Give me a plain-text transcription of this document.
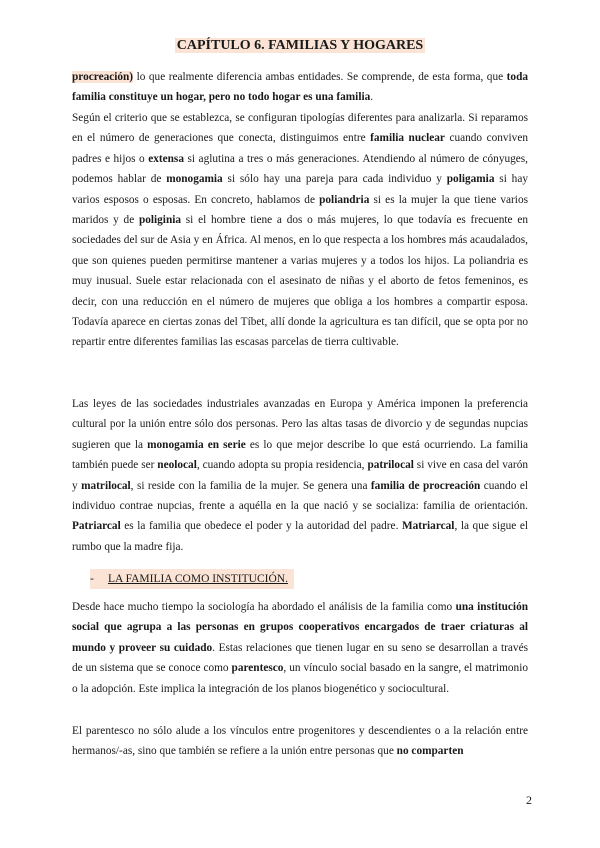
CAPÍTULO 6. FAMILIAS Y HOGARES

procreación) lo que realmente diferencia ambas entidades. Se comprende, de esta forma, que toda familia constituye un hogar, pero no todo hogar es una familia.

Según el criterio que se establezca, se configuran tipologías diferentes para analizarla. Si reparamos en el número de generaciones que conecta, distinguimos entre familia nuclear cuando conviven padres e hijos o extensa si aglutina a tres o más generaciones. Atendiendo al número de cónyuges, podemos hablar de monogamia si sólo hay una pareja para cada individuo y poligamia si hay varios esposos o esposas. En concreto, hablamos de poliandria si es la mujer la que tiene varios maridos y de poliginia si el hombre tiene a dos o más mujeres, lo que todavía es frecuente en sociedades del sur de Asia y en África. Al menos, en lo que respecta a los hombres más acaudalados, que son quienes pueden permitirse mantener a varias mujeres y a todos los hijos. La poliandria es muy inusual. Suele estar relacionada con el asesinato de niñas y el aborto de fetos femeninos, es decir, con una reducción en el número de mujeres que obliga a los hombres a compartir esposa. Todavía aparece en ciertas zonas del Tíbet, allí donde la agricultura es tan difícil, que se opta por no repartir entre diferentes familias las escasas parcelas de tierra cultivable.

Las leyes de las sociedades industriales avanzadas en Europa y América imponen la preferencia cultural por la unión entre sólo dos personas. Pero las altas tasas de divorcio y de segundas nupcias sugieren que la monogamia en serie es lo que mejor describe lo que está ocurriendo. La familia también puede ser neolocal, cuando adopta su propia residencia, patrilocal si vive en casa del varón y matrilocal, si reside con la familia de la mujer. Se genera una familia de procreación cuando el individuo contrae nupcias, frente a aquélla en la que nació y se socializa: familia de orientación. Patriarcal es la familia que obedece el poder y la autoridad del padre. Matriarcal, la que sigue el rumbo que la madre fija.

- LA FAMILIA COMO INSTITUCIÓN.

Desde hace mucho tiempo la sociología ha abordado el análisis de la familia como una institución social que agrupa a las personas en grupos cooperativos encargados de traer criaturas al mundo y proveer su cuidado. Estas relaciones que tienen lugar en su seno se desarrollan a través de un sistema que se conoce como parentesco, un vínculo social basado en la sangre, el matrimonio o la adopción. Este implica la integración de los planos biogenético y sociocultural.

El parentesco no sólo alude a los vínculos entre progenitores y descendientes o a la relación entre hermanos/-as, sino que también se refiere a la unión entre personas que no comparten

2
